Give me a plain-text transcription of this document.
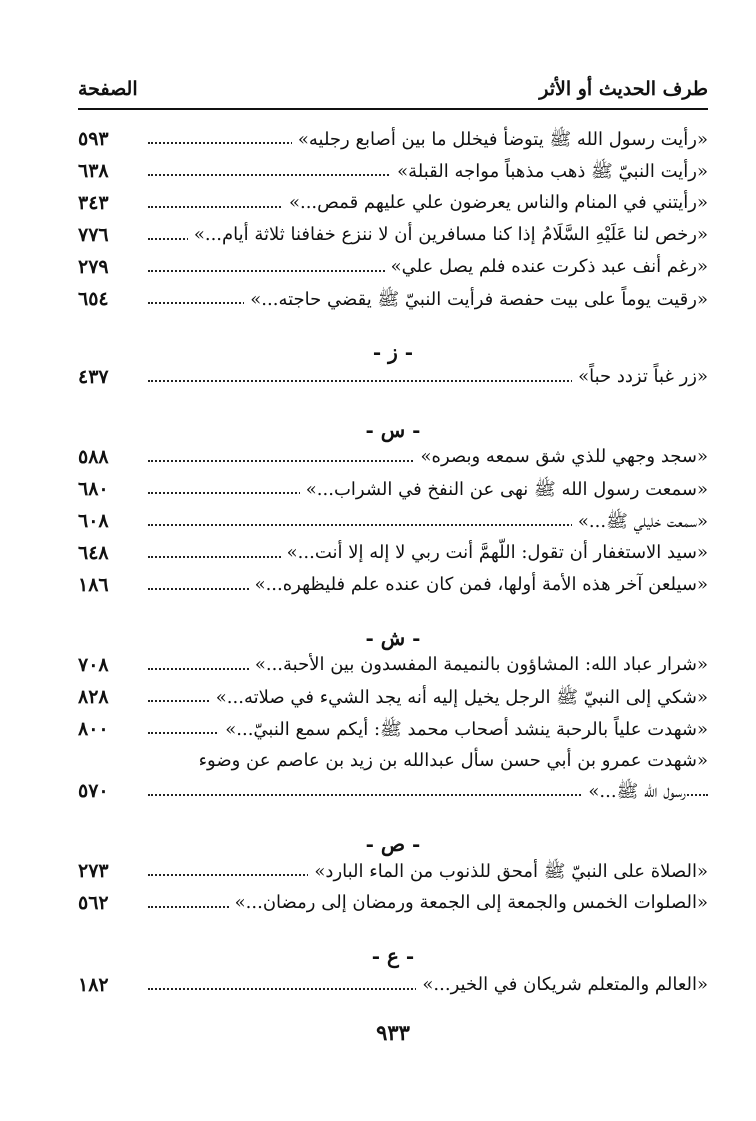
طرف الحديث أو الأثر
الصفحة
«رأيت رسول الله ﷺ يتوضأ فيخلل ما بين أصابع رجليه»
٥٩٣
«رأيت النبيّ ﷺ ذهب مذهباً مواجه القبلة»
٦٣٨
«رأيتني في المنام والناس يعرضون علي عليهم قمص...»
٣٤٣
«رخص لنا عَلَيْهِ السَّلَامُ إذا كنا مسافرين أن لا ننزع خفافنا ثلاثة أيام...»
٧٧٦
«رغم أنف عبد ذكرت عنده فلم يصل علي»
٢٧٩
«رقيت يوماً على بيت حفصة فرأيت النبيّ ﷺ يقضي حاجته...»
٦٥٤
- ز -
«زر غباً تزدد حباً»
٤٣٧
- س -
«سجد وجهي للذي شق سمعه وبصره»
٥٨٨
«سمعت رسول الله ﷺ نهى عن النفخ في الشراب...»
٦٨٠
«سمعت خليلي ﷺ...»
٦٠٨
«سيد الاستغفار أن تقول: اللّهمَّ أنت ربي لا إله إلا أنت...»
٦٤٨
«سيلعن آخر هذه الأمة أولها، فمن كان عنده علم فليظهره...»
١٨٦
- ش -
«شرار عباد الله: المشاؤون بالنميمة المفسدون بين الأحبة...»
٧٠٨
«شكي إلى النبيّ ﷺ الرجل يخيل إليه أنه يجد الشيء في صلاته...»
٨٢٨
«شهدت علياً بالرحبة ينشد أصحاب محمد ﷺ: أيكم سمع النبيّ...»
٨٠٠
«شهدت عمرو بن أبي حسن سأل عبدالله بن زيد بن عاصم عن وضوء
رسول الله ﷺ...»
٥٧٠
- ص -
«الصلاة على النبيّ ﷺ أمحق للذنوب من الماء البارد»
٢٧٣
«الصلوات الخمس والجمعة إلى الجمعة ورمضان إلى رمضان...»
٥٦٢
- ع -
«العالم والمتعلم شريكان في الخير...»
١٨٢
٩٣٣
